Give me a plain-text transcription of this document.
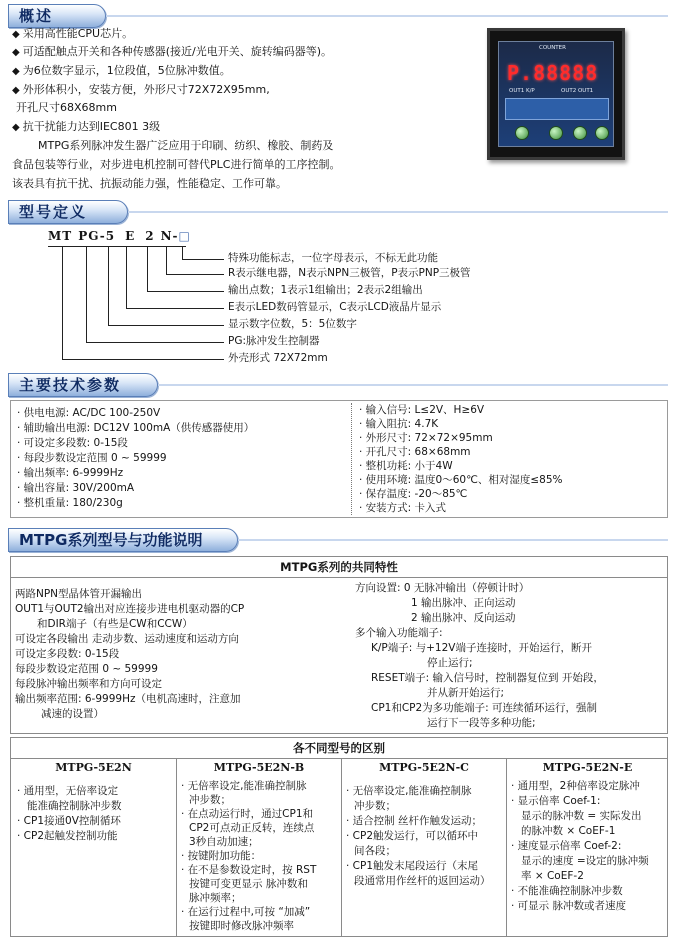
概述
◆ 采用高性能CPU芯片。
◆ 可适配触点开关和各种传感器(接近/光电开关、旋转编码器等)。
◆ 为6位数字显示，1位段值，5位脉冲数值。
◆ 外形体积小，安装方便，外形尺寸72X72X95mm,
开孔尺寸68X68mm
◆ 抗干扰能力达到IEC801 3级
MTPG系列脉冲发生器广泛应用于印刷、纺织、橡胶、制药及
食品包装等行业，对步进电机控制可替代PLC进行简单的工序控制。
该表具有抗干扰、抗振动能力强，性能稳定、工作可靠。
COUNTER
P.88888
OUT1 K/P	OUT2 OUT1
型号定义
MT PG-5 E 2 N-□
特殊功能标志，一位字母表示，不标无此功能
R表示继电器，N表示NPN三极管，P表示PNP三极管
输出点数；1表示1组输出；2表示2组输出
E表示LED数码管显示，C表示LCD液晶片显示
显示数字位数，5：5位数字
PG:脉冲发生控制器
外壳形式 72X72mm
主要技术参数
· 供电电源: AC/DC 100-250V
· 辅助输出电源: DC12V 100mA（供传感器使用）
· 可设定多段数: 0-15段
· 每段步数设定范围 0 ~ 59999
· 输出频率: 6-9999Hz
· 输出容量: 30V/200mA
· 整机重量: 180/230g
· 输入信号: L≤2V、H≥6V
· 输入阻抗: 4.7K
· 外形尺寸: 72×72×95mm
· 开孔尺寸: 68×68mm
· 整机功耗: 小于4W
· 使用环境: 温度0～60℃、相对湿度≤85%
· 保存温度: -20～85℃
· 安装方式: 卡入式
MTPG系列型号与功能说明
MTPG系列的共同特性
两路NPN型晶体管开漏输出
OUT1与OUT2输出对应连接步进电机驱动器的CP
和DIR端子（有些是CW和CCW）
可设定各段输出 走动步数、运动速度和运动方向
可设定多段数: 0-15段
每段步数设定范围 0 ~ 59999
每段脉冲输出频率和方向可设定
输出频率范围: 6-9999Hz（电机高速时，注意加
减速的设置）
方向设置: 0 无脉冲输出（停顿计时）
1 输出脉冲、正向运动
2 输出脉冲、反向运动
多个输入功能端子:
K/P端子: 与+12V端子连接时，开始运行，断开
停止运行;
RESET端子: 输入信号时，控制器复位到 开始段，
并从新开始运行;
CP1和CP2为多功能端子: 可连续循环运行，强制
运行下一段等多种功能;
各不同型号的区别
MTPG-5E2N
· 通用型，无倍率设定
能准确控制脉冲步数
· CP1接通0V控制循环
· CP2起触发控制功能
MTPG-5E2N-B
· 无倍率设定,能准确控制脉
冲步数；
· 在点动运行时，通过CP1和
CP2可点动正反转，连续点
3秒自动加速；
· 按键附加功能：
· 在不是参数设定时，按 RST
按键可变更显示 脉冲数和
脉冲频率；
· 在运行过程中,可按 “加减”
按键即时修改脉冲频率
MTPG-5E2N-C
· 无倍率设定,能准确控制脉
冲步数；
· 适合控制 丝杆作触发运动；
· CP2触发运行，可以循环中
间各段；
· CP1触发末尾段运行（末尾
段通常用作丝杆的返回运动）
MTPG-5E2N-E
· 通用型，2种倍率设定脉冲
· 显示倍率 Coef-1:
显示的脉冲数 = 实际发出
的脉冲数 × CoEF-1
· 速度显示倍率 Coef-2:
显示的速度 =设定的脉冲频
率 × CoEF-2
· 不能准确控制脉冲步数
· 可显示 脉冲数或者速度
